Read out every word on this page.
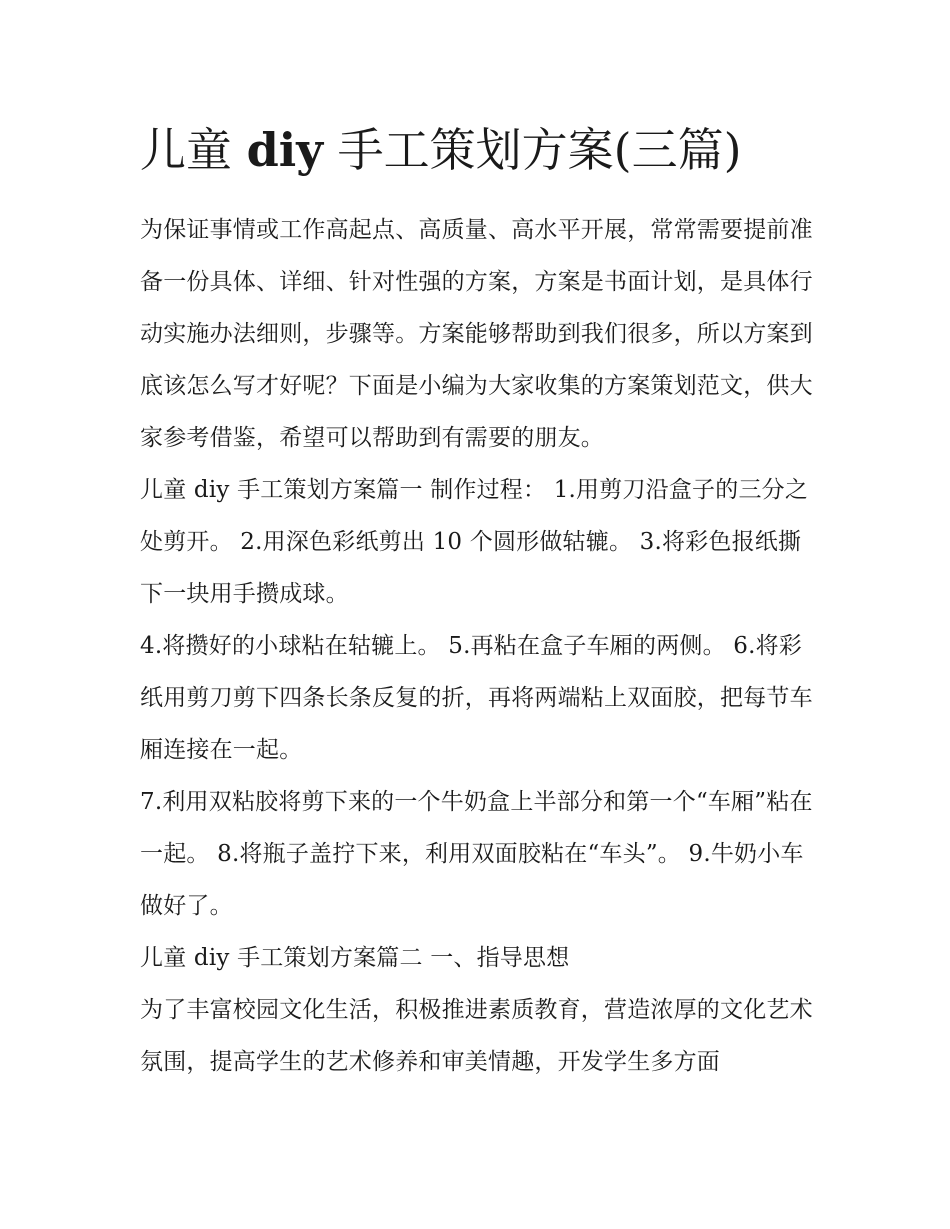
儿童 diy 手工策划方案(三篇)

为保证事情或工作高起点、高质量、高水平开展，常常需要提前准备一份具体、详细、针对性强的方案，方案是书面计划，是具体行动实施办法细则，步骤等。方案能够帮助到我们很多，所以方案到底该怎么写才好呢？下面是小编为大家收集的方案策划范文，供大家参考借鉴，希望可以帮助到有需要的朋友。

儿童 diy 手工策划方案篇一 制作过程： 1.用剪刀沿盒子的三分之处剪开。 2.用深色彩纸剪出 10 个圆形做轱辘。 3.将彩色报纸撕下一块用手攒成球。

4.将攒好的小球粘在轱辘上。 5.再粘在盒子车厢的两侧。 6.将彩纸用剪刀剪下四条长条反复的折，再将两端粘上双面胶，把每节车厢连接在一起。

7.利用双粘胶将剪下来的一个牛奶盒上半部分和第一个“车厢”粘在一起。 8.将瓶子盖拧下来，利用双面胶粘在“车头”。 9.牛奶小车做好了。

儿童 diy 手工策划方案篇二 一、指导思想

为了丰富校园文化生活，积极推进素质教育，营造浓厚的文化艺术氛围，提高学生的艺术修养和审美情趣，开发学生多方面
